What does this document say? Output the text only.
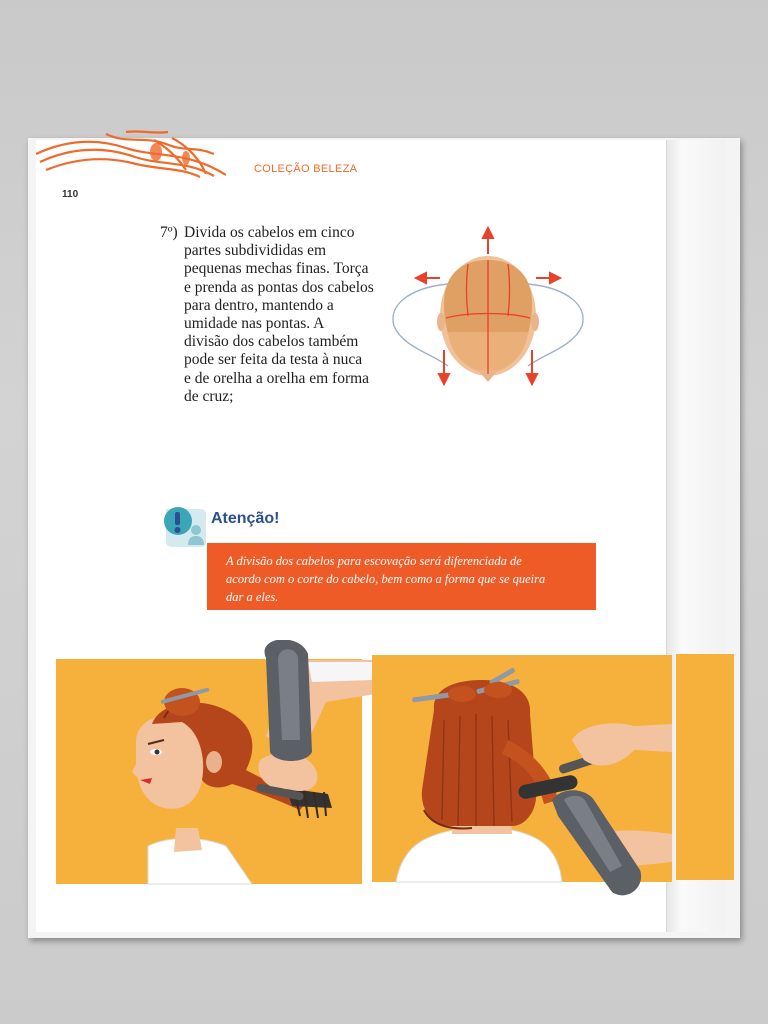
COLEÇÃO BELEZA
110
7º) Divida os cabelos em cinco
partes subdivididas em
pequenas mechas finas. Torça
e prenda as pontas dos cabelos
para dentro, mantendo a
umidade nas pontas. A
divisão dos cabelos também
pode ser feita da testa à nuca
e de orelha a orelha em forma
de cruz;
Atenção!
A divisão dos cabelos para escovação será diferenciada de
acordo com o corte do cabelo, bem como a forma que se queira
dar a eles.
